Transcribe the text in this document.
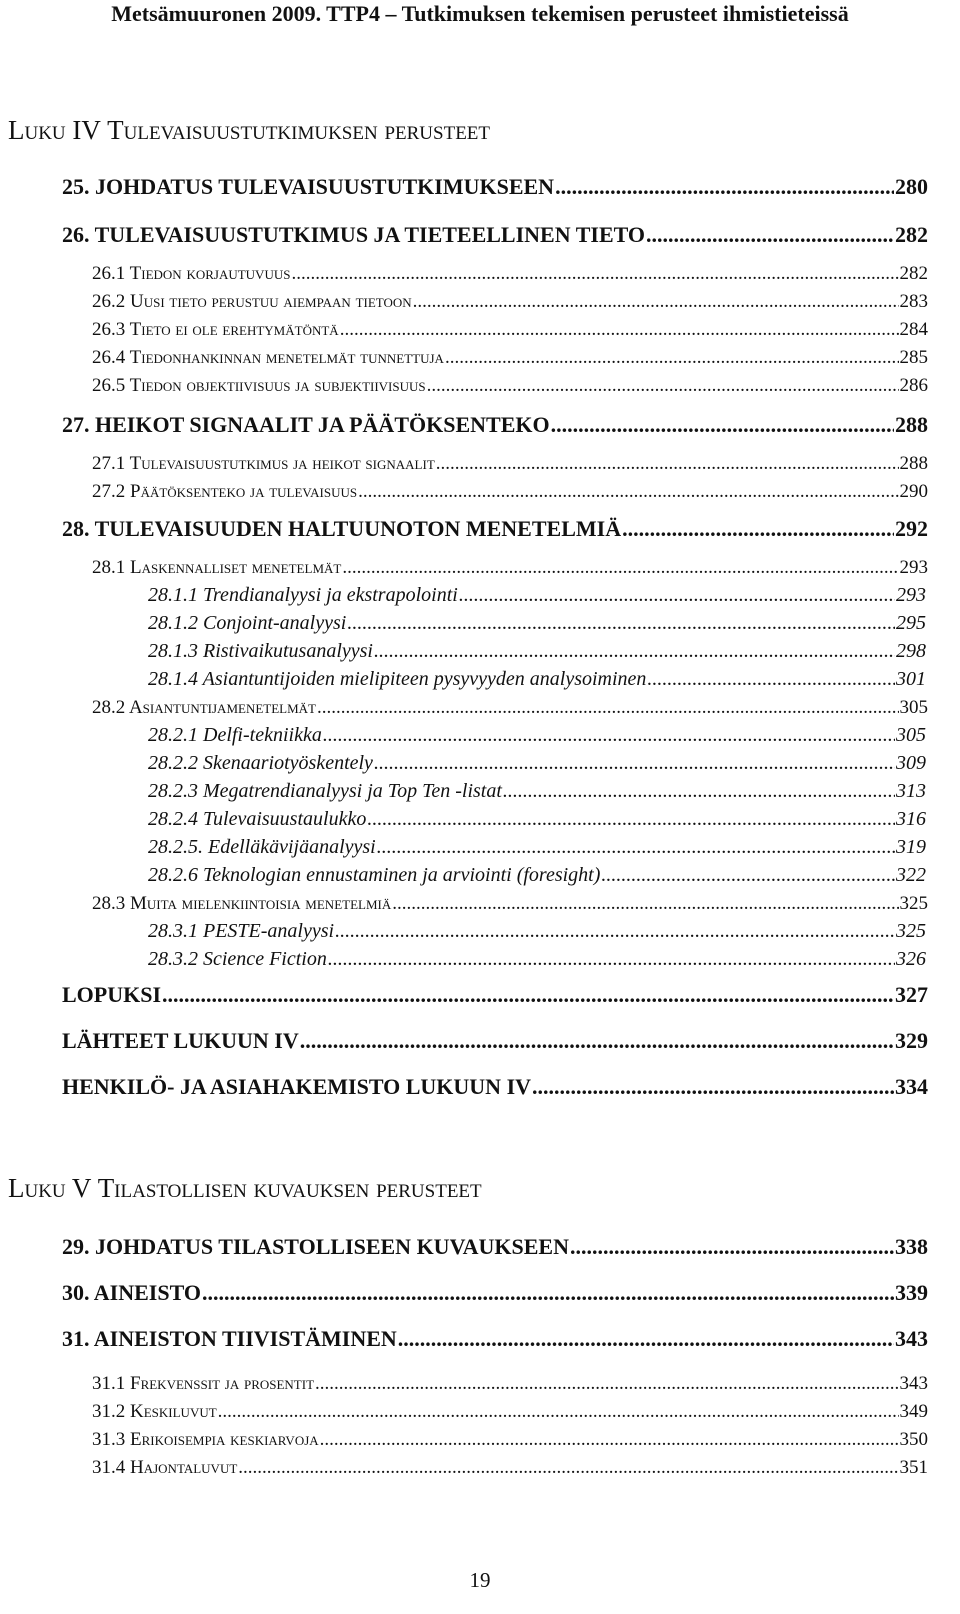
Metsämuuronen 2009. TTP4 – Tutkimuksen tekemisen perusteet ihmistieteissä
Luku IV Tulevaisuustutkimuksen perusteet
Luku V Tilastollisen kuvauksen perusteet
25. JOHDATUS TULEVAISUUSTUTKIMUKSEEN .....	280
26. TULEVAISUUSTUTKIMUS JA TIETEELLINEN TIETO .....	282
26.1 Tiedon korjautuvuus .....	282
26.2 Uusi tieto perustuu aiempaan tietoon .....	283
26.3 Tieto ei ole erehtymätöntä .....	284
26.4 Tiedonhankinnan menetelmät tunnettuja .....	285
26.5 Tiedon objektiivisuus ja subjektiivisuus .....	286
27. HEIKOT SIGNAALIT JA PÄÄTÖKSENTEKO .....	288
27.1 Tulevaisuustutkimus ja heikot signaalit .....	288
27.2 Päätöksenteko ja tulevaisuus .....	290
28. TULEVAISUUDEN HALTUUNOTON MENETELMIÄ .....	292
28.1 Laskennalliset menetelmät .....	293
28.1.1 Trendianalyysi ja ekstrapolointi .....	293
28.1.2 Conjoint-analyysi .....	295
28.1.3 Ristivaikutusanalyysi .....	298
28.1.4 Asiantuntijoiden mielipiteen pysyvyyden analysoiminen .....	301
28.2 Asiantuntijamenetelmät .....	305
28.2.1 Delfi-tekniikka .....	305
28.2.2 Skenaariotyöskentely .....	309
28.2.3 Megatrendianalyysi ja Top Ten -listat .....	313
28.2.4 Tulevaisuustaulukko .....	316
28.2.5. Edelläkävijäanalyysi .....	319
28.2.6 Teknologian ennustaminen ja arviointi (foresight) .....	322
28.3 Muita mielenkiintoisia menetelmiä .....	325
28.3.1 PESTE-analyysi .....	325
28.3.2 Science Fiction .....	326
LOPUKSI .....	327
LÄHTEET LUKUUN IV .....	329
HENKILÖ- JA ASIAHAKEMISTO LUKUUN IV .....	334
29. JOHDATUS TILASTOLLISEEN KUVAUKSEEN .....	338
30. AINEISTO .....	339
31. AINEISTON TIIVISTÄMINEN .....	343
31.1 Frekvenssit ja prosentit .....	343
31.2 Keskiluvut .....	349
31.3 Erikoisempia keskiarvoja .....	350
31.4 Hajontaluvut .....	351
19
